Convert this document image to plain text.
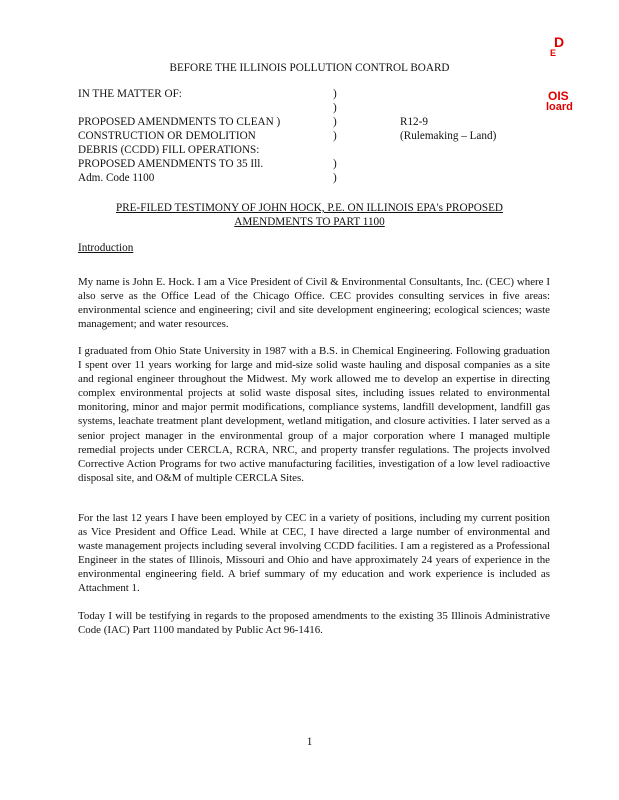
D
E
OIS
loard
BEFORE THE ILLINOIS POLLUTION CONTROL BOARD
IN THE MATTER OF:
PROPOSED AMENDMENTS TO CLEAN )
CONSTRUCTION OR DEMOLITION
DEBRIS (CCDD) FILL OPERATIONS:
PROPOSED AMENDMENTS TO 35 Ill.
Adm. Code 1100
)
)
)
)
)
)
R12-9
(Rulemaking – Land)
PRE-FILED TESTIMONY OF JOHN HOCK, P.E. ON ILLINOIS EPA's PROPOSED
AMENDMENTS TO PART 1100
Introduction
My name is John E. Hock. I am a Vice President of Civil & Environmental Consultants, Inc. (CEC) where I also serve as the Office Lead of the Chicago Office. CEC provides consulting services in five areas: environmental science and engineering; civil and site development engineering; ecological sciences; waste management; and water resources.
I graduated from Ohio State University in 1987 with a B.S. in Chemical Engineering. Following graduation I spent over 11 years working for large and mid-size solid waste hauling and disposal companies as a site and regional engineer throughout the Midwest. My work allowed me to develop an expertise in directing complex environmental projects at solid waste disposal sites, including issues related to environmental monitoring, minor and major permit modifications, compliance systems, landfill development, landfill gas systems, leachate treatment plant development, wetland mitigation, and closure activities. I later served as a senior project manager in the environmental group of a major corporation where I managed multiple remedial projects under CERCLA, RCRA, NRC, and property transfer regulations. The projects involved Corrective Action Programs for two active manufacturing facilities, investigation of a low level radioactive disposal site, and O&M of multiple CERCLA Sites.
For the last 12 years I have been employed by CEC in a variety of positions, including my current position as Vice President and Office Lead. While at CEC, I have directed a large number of environmental and waste management projects including several involving CCDD facilities. I am a registered as a Professional Engineer in the states of Illinois, Missouri and Ohio and have approximately 24 years of experience in the environmental engineering field. A brief summary of my education and work experience is included as Attachment 1.
Today I will be testifying in regards to the proposed amendments to the existing 35 Illinois Administrative Code (IAC) Part 1100 mandated by Public Act 96-1416.
1
